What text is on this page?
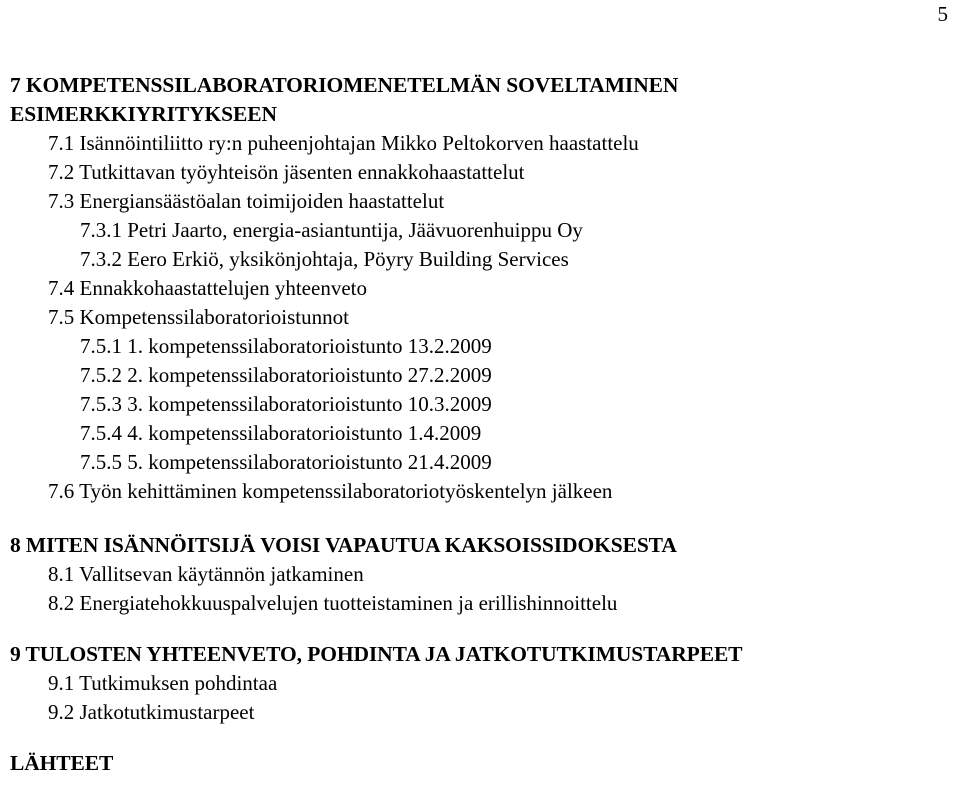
5
7 KOMPETENSSILABORATORIOMENETELMÄN SOVELTAMINEN
ESIMERKKIYRITYKSEEN
7.1 Isännöintiliitto ry:n puheenjohtajan Mikko Peltokorven haastattelu
7.2 Tutkittavan työyhteisön jäsenten ennakkohaastattelut
7.3 Energiansäästöalan toimijoiden haastattelut
7.3.1 Petri Jaarto, energia-asiantuntija, Jäävuorenhuippu Oy
7.3.2 Eero Erkiö, yksikönjohtaja, Pöyry Building Services
7.4 Ennakkohaastattelujen yhteenveto
7.5 Kompetenssilaboratorioistunnot
7.5.1 1. kompetenssilaboratorioistunto 13.2.2009
7.5.2 2. kompetenssilaboratorioistunto 27.2.2009
7.5.3 3. kompetenssilaboratorioistunto 10.3.2009
7.5.4 4. kompetenssilaboratorioistunto 1.4.2009
7.5.5 5. kompetenssilaboratorioistunto 21.4.2009
7.6 Työn kehittäminen kompetenssilaboratoriotyöskentelyn jälkeen
8 MITEN ISÄNNÖITSIJÄ VOISI VAPAUTUA KAKSOISSIDOKSESTA
8.1 Vallitsevan käytännön jatkaminen
8.2 Energiatehokkuuspalvelujen tuotteistaminen ja erillishinnoittelu
9 TULOSTEN YHTEENVETO, POHDINTA JA JATKOTUTKIMUSTARPEET
9.1 Tutkimuksen pohdintaa
9.2 Jatkotutkimustarpeet
LÄHTEET
